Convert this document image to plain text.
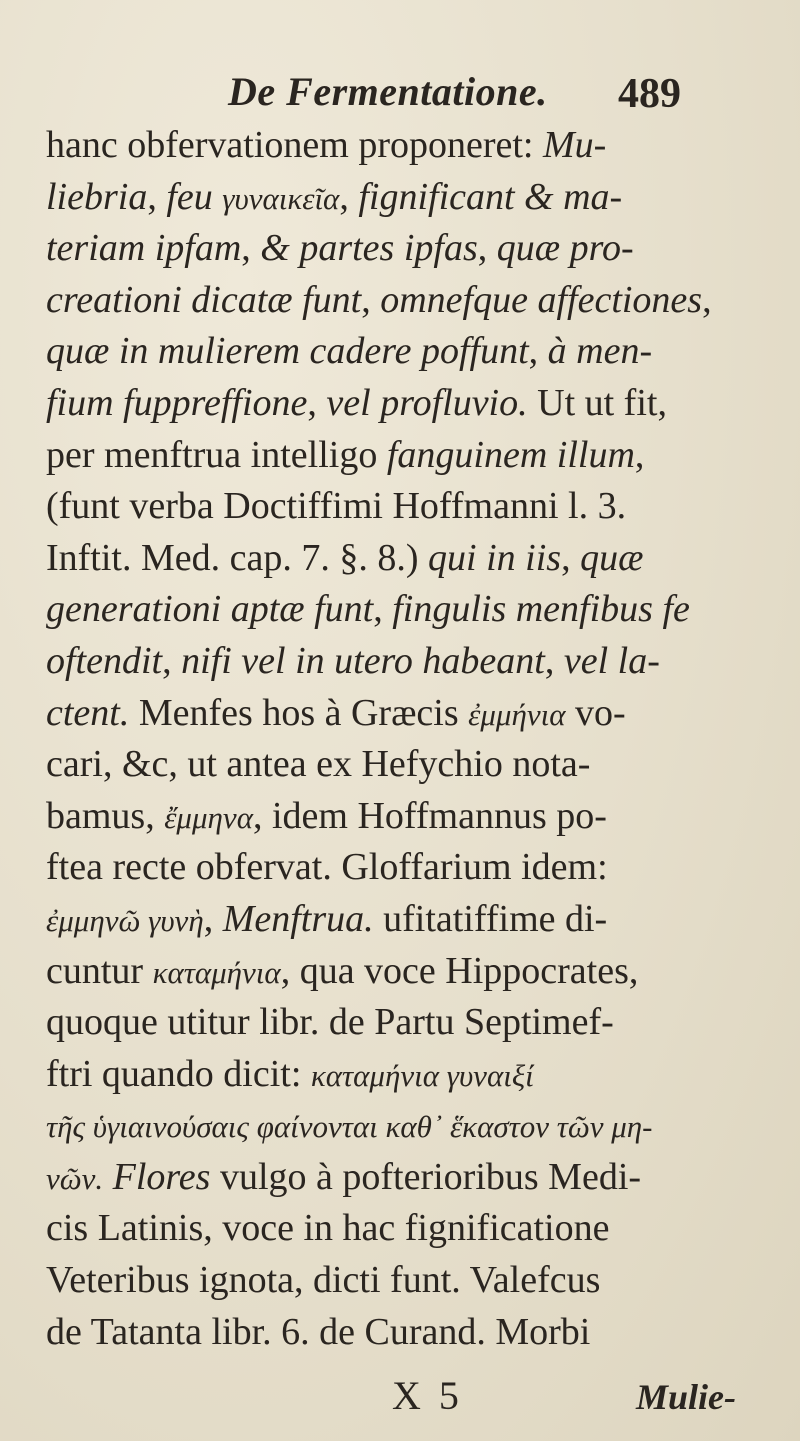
De Fermentatione. 489
hanc obfervationem proponeret: Mu-
liebria, feu γυναικεῖα, fignificant & ma-
teriam ipfam, & partes ipfas, quæ pro-
creationi dicatæ funt, omnefque affectiones,
quæ in mulierem cadere poffunt, à men-
fium fuppreffione, vel profluvio. Ut ut fit,
per menftrua intelligo fanguinem illum,
(funt verba Doctiffimi Hoffmanni l. 3.
Inftit. Med. cap. 7. §. 8.) qui in iis, quæ
generationi aptæ funt, fingulis menfibus fe
oftendit, nifi vel in utero habeant, vel la-
ctent. Menfes hos à Græcis ἐμμήνια vo-
cari, &c, ut antea ex Hefychio nota-
bamus, ἔμμηνα, idem Hoffmannus po-
ftea recte obfervat. Gloffarium idem:
ἐμμηνῶ γυνὴ, Menftrua. ufitatiffime di-
cuntur καταμήνια, qua voce Hippocrates,
quoque utitur libr. de Partu Septimef-
ftri quando dicit: καταμήνια γυναιξί
τῆς ὑγιαινούσαις φαίνονται καθ᾽ ἕκαστον τῶν μη-
νῶν. Flores vulgo à pofterioribus Medi-
cis Latinis, voce in hac fignificatione
Veteribus ignota, dicti funt. Valefcus
de Tatanta libr. 6. de Curand. Morbi
X 5	Mulie-
